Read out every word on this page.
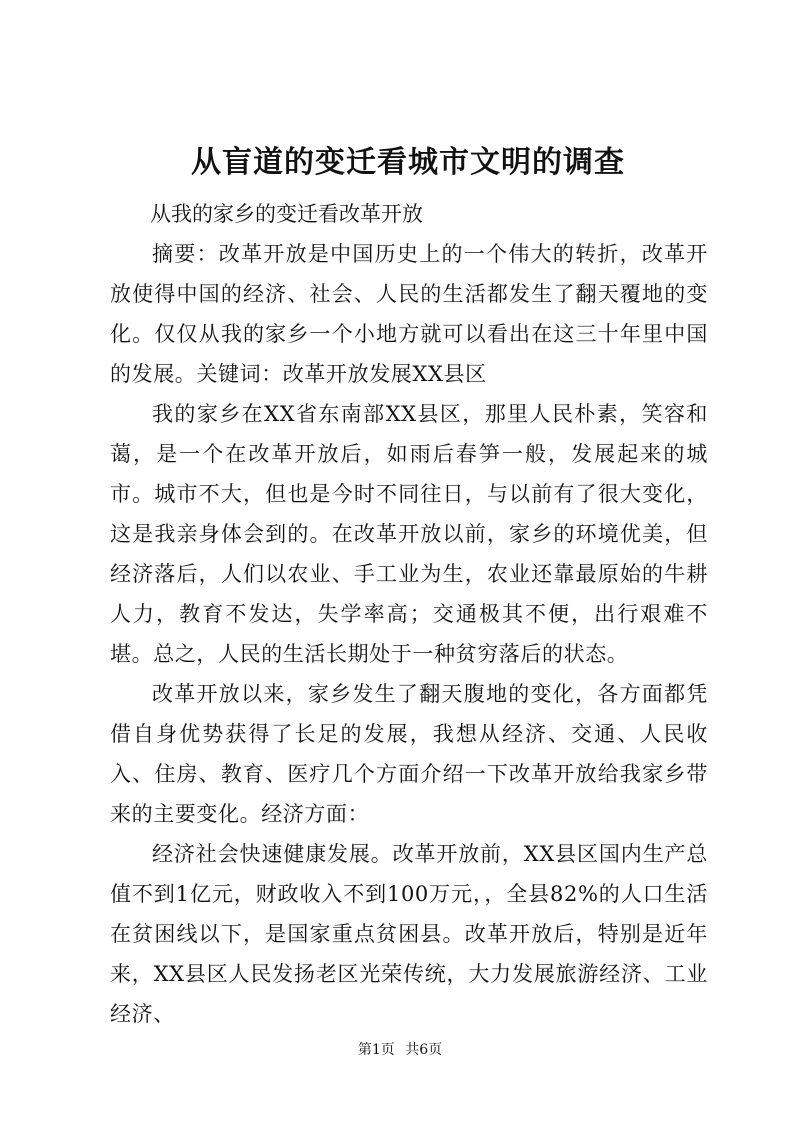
从盲道的变迁看城市文明的调查

从我的家乡的变迁看改革开放

摘要：改革开放是中国历史上的一个伟大的转折，改革开放使得中国的经济、社会、人民的生活都发生了翻天覆地的变化。仅仅从我的家乡一个小地方就可以看出在这三十年里中国的发展。关键词：改革开放发展XX县区

我的家乡在XX省东南部XX县区，那里人民朴素，笑容和蔼，是一个在改革开放后，如雨后春笋一般，发展起来的城市。城市不大，但也是今时不同往日，与以前有了很大变化，这是我亲身体会到的。在改革开放以前，家乡的环境优美，但经济落后，人们以农业、手工业为生，农业还靠最原始的牛耕人力，教育不发达，失学率高；交通极其不便，出行艰难不堪。总之，人民的生活长期处于一种贫穷落后的状态。

改革开放以来，家乡发生了翻天腹地的变化，各方面都凭借自身优势获得了长足的发展，我想从经济、交通、人民收入、住房、教育、医疗几个方面介绍一下改革开放给我家乡带来的主要变化。经济方面：

经济社会快速健康发展。改革开放前，XX县区国内生产总值不到1亿元，财政收入不到100万元，，全县82%的人口生活在贫困线以下，是国家重点贫困县。改革开放后，特别是近年来，XX县区人民发扬老区光荣传统，大力发展旅游经济、工业经济、

第1页 共6页
